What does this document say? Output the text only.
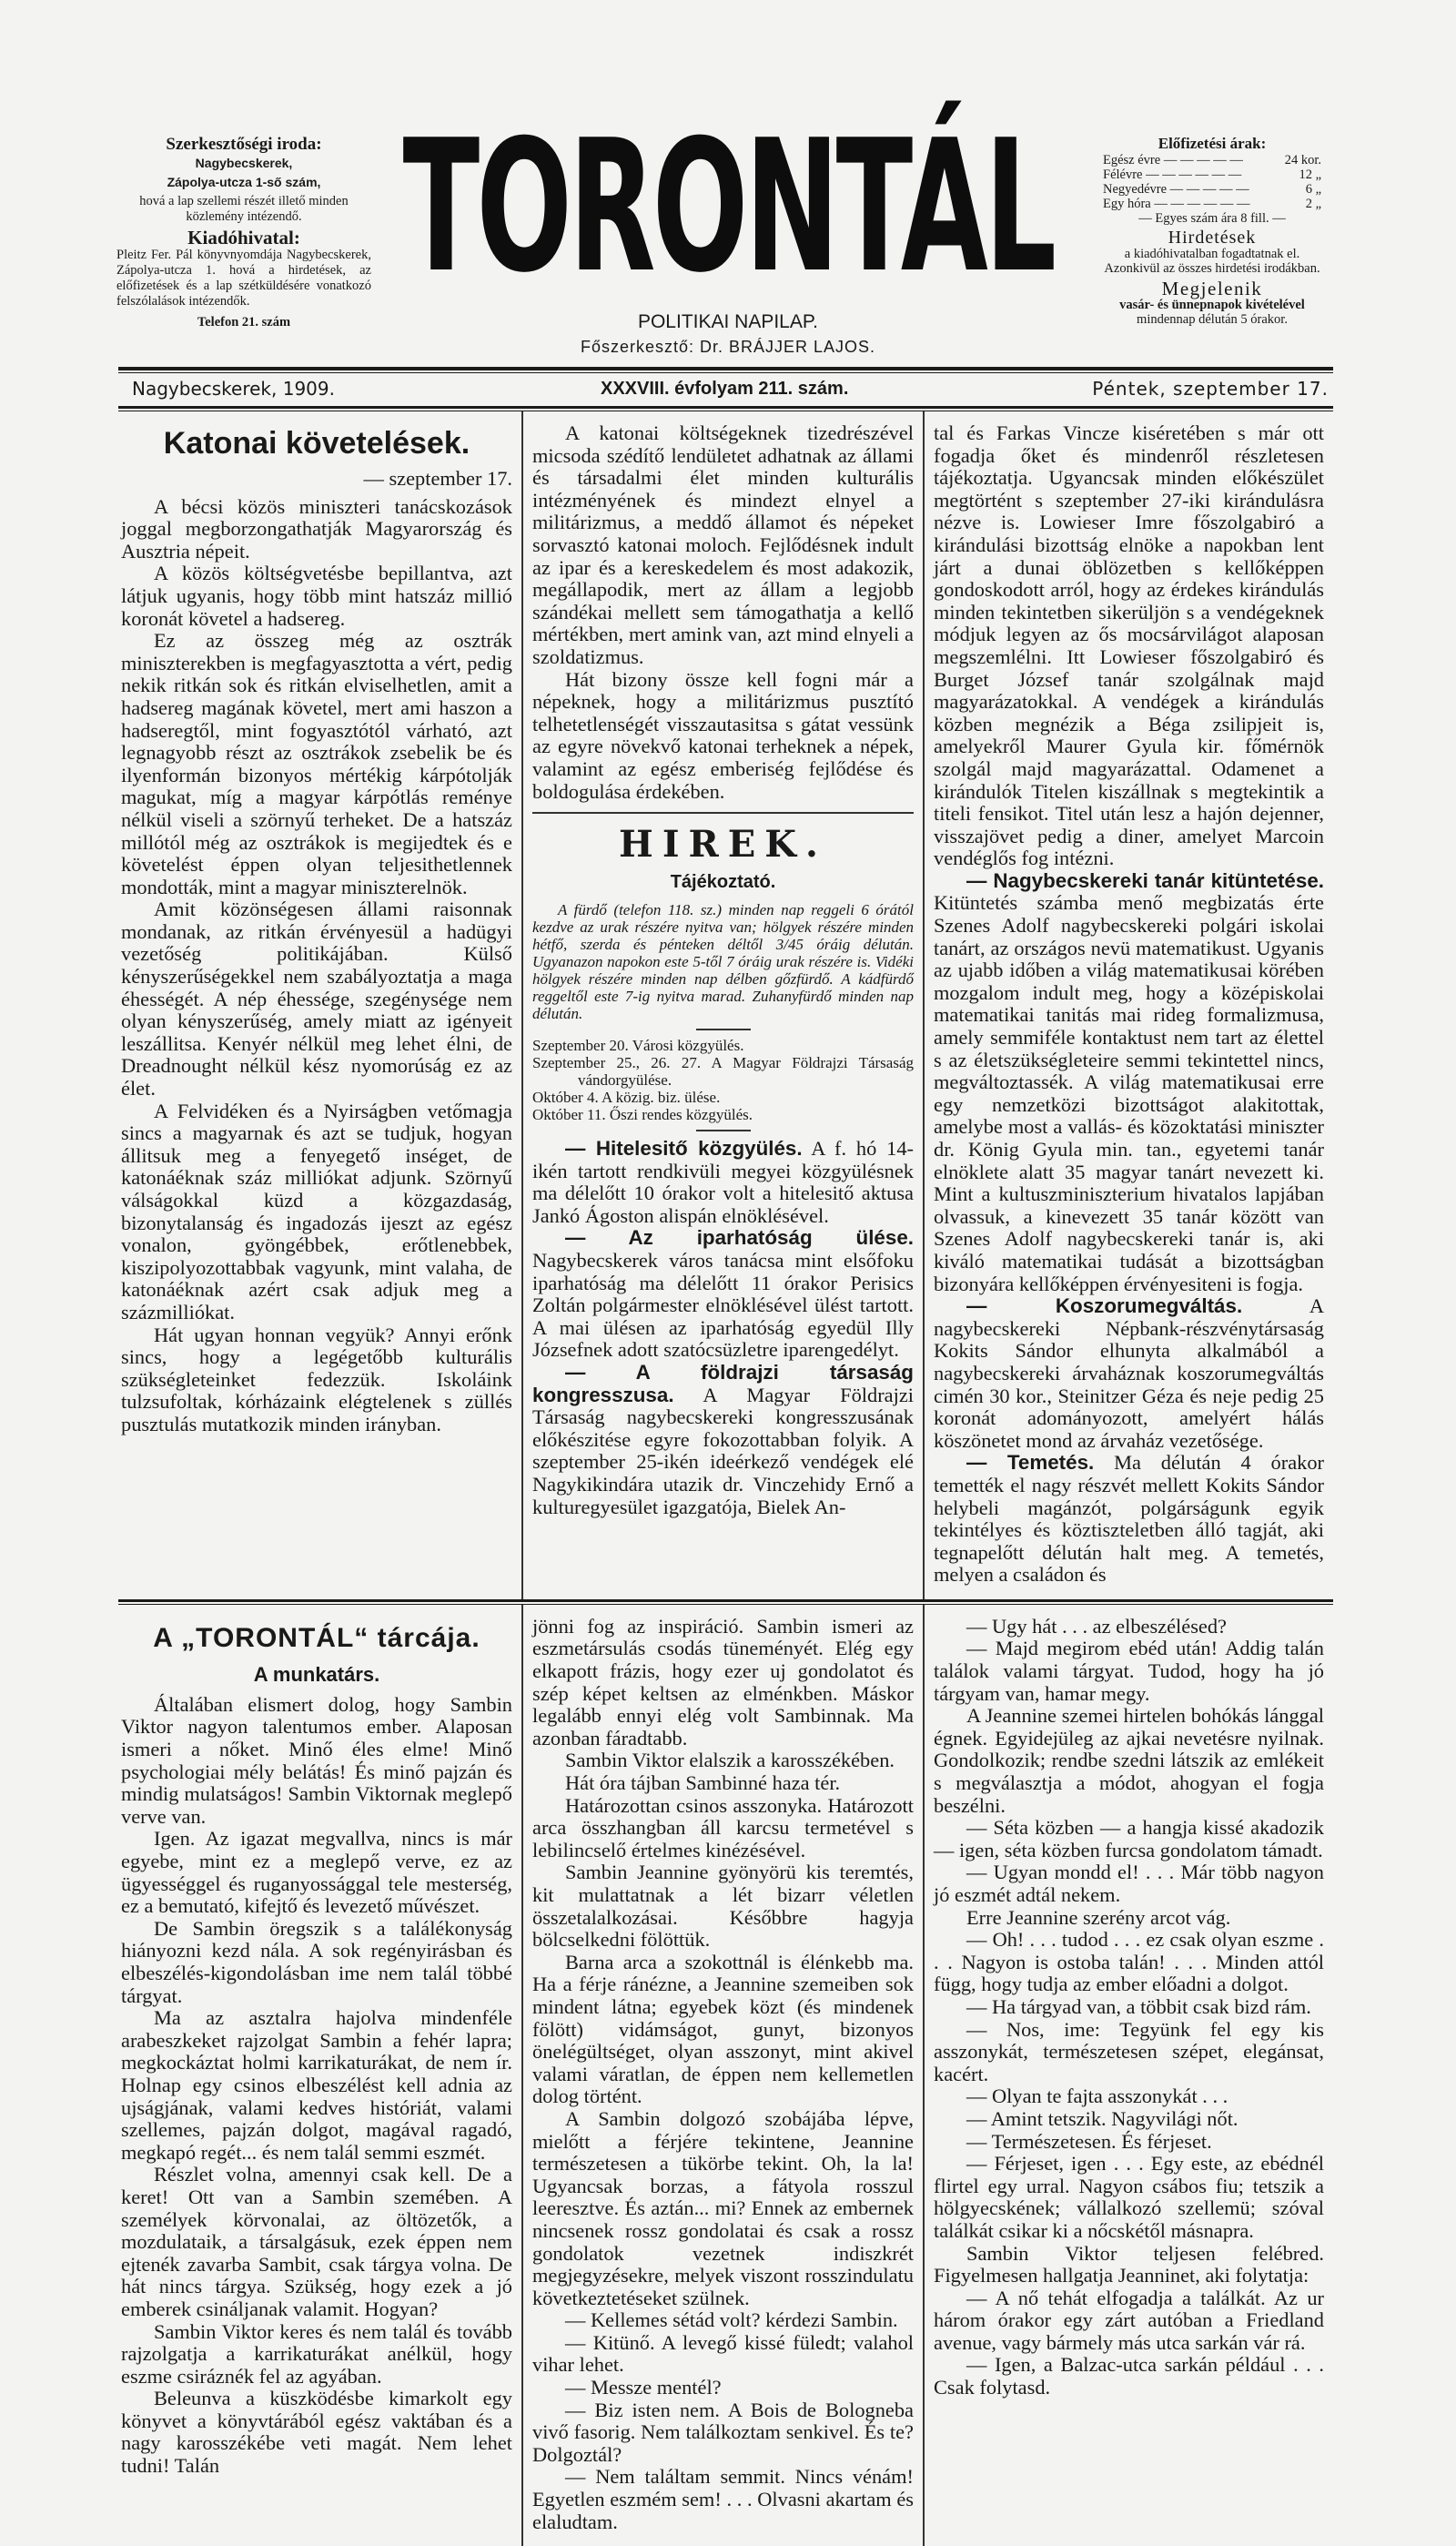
Szerkesztőségi iroda:
Nagybecskerek,
Zápolya-utcza 1-ső szám,
hová a lap szellemi részét illető minden közlemény intézendő.
Kiadóhivatal:
Pleitz Fer. Pál könyvnyomdája Nagybecskerek, Zápolya-utcza 1. hová a hirdetések, az előfizetések és a lap szétküldésére vonatkozó felszólalások intézendők.
Telefon 21. szám
TORONTÁL
POLITIKAI NAPILAP.
Főszerkesztő: Dr. BRÁJJER LAJOS.
Előfizetési árak:
Egész évre — — — — —	24 kor.
Félévre — — — — — —	12 „
Negyedévre — — — — —	6 „
Egy hóra — — — — — —	2 „
— Egyes szám ára 8 fill. —
Hirdetések
a kiadóhivatalban fogadtatnak el. Azonkivül az összes hirdetési irodákban.
Megjelenik
vasár- és ünnepnapok kivételével
mindennap délután 5 órakor.
Nagybecskerek, 1909.	XXXVIII. évfolyam 211. szám.	Péntek, szeptember 17.
Katonai követelések.
— szeptember 17.

A bécsi közös miniszteri tanácskozások joggal megborzongathatják Magyarország és Ausztria népeit.

A közös költségvetésbe bepillantva, azt látjuk ugyanis, hogy több mint hatszáz millió koronát követel a hadsereg.

Ez az összeg még az osztrák miniszterekben is megfagyasztotta a vért, pedig nekik ritkán sok és ritkán elviselhetlen, amit a hadsereg magának követel, mert ami haszon a hadseregtől, mint fogyasztótól várható, azt legnagyobb részt az osztrákok zsebelik be és ilyenformán bizonyos mértékig kárpótolják magukat, míg a magyar kárpótlás reménye nélkül viseli a szörnyű terheket. De a hatszáz millótól még az osztrákok is megijedtek és e követelést éppen olyan teljesithetlennek mondották, mint a magyar miniszterelnök.

Amit közönségesen állami raisonnak mondanak, az ritkán érvényesül a hadügyi vezetőség politikájában. Külső kényszerűségekkel nem szabályoztatja a maga éhességét. A nép éhessége, szegénysége nem olyan kényszerűség, amely miatt az igényeit leszállitsa. Kenyér nélkül meg lehet élni, de Dreadnought nélkül kész nyomorúság ez az élet.

A Felvidéken és a Nyirságben vetőmagja sincs a magyarnak és azt se tudjuk, hogyan állitsuk meg a fenyegető inséget, de katonáéknak száz milliókat adjunk. Szörnyű válságokkal küzd a közgazdaság, bizonytalanság és ingadozás ijeszt az egész vonalon, gyöngébbek, erőtlenebbek, kiszipolyozottabbak vagyunk, mint valaha, de katonáéknak azért csak adjuk meg a százmilliókat.

Hát ugyan honnan vegyük? Annyi erőnk sincs, hogy a legégetőbb kulturális szükségleteinket fedezzük. Iskoláink tulzsufoltak, kórházaink elégtelenek s züllés pusztulás mutatkozik minden irányban.

A katonai költségeknek tizedrészével micsoda szédítő lendületet adhatnak az állami és társadalmi élet minden kulturális intézményének és mindezt elnyel a militárizmus, a meddő államot és népeket sorvasztó katonai moloch. Fejlődésnek indult az ipar és a kereskedelem és most adakozik, megállapodik, mert az állam a legjobb szándékai mellett sem támogathatja a kellő mértékben, mert amink van, azt mind elnyeli a szoldatizmus.

Hát bizony össze kell fogni már a népeknek, hogy a militárizmus pusztító telhetetlenségét visszautasitsa s gátat vessünk az egyre növekvő katonai terheknek a népek, valamint az egész emberiség fejlődése és boldogulása érdekében.

HIREK.
Tájékoztató.

A fürdő (telefon 118. sz.) minden nap reggeli 6 órától kezdve az urak részére nyitva van; hölgyek részére minden hétfő, szerda és pénteken déltől 3/45 óráig délután. Ugyanazon napokon este 5-től 7 óráig urak részére is. Vidéki hölgyek részére minden nap délben gőzfürdő. A kádfürdő reggeltől este 7-ig nyitva marad. Zuhanyfürdő minden nap délután.

Szeptember 20. Városi közgyülés.

Szeptember 25., 26. 27. A Magyar Földrajzi Társaság vándorgyülése.

Október 4. A közig. biz. ülése.

Október 11. Őszi rendes közgyülés.

— Hitelesitő közgyülés. A f. hó 14-ikén tartott rendkivüli megyei közgyülésnek ma délelőtt 10 órakor volt a hitelesitő aktusa Jankó Ágoston alispán elnöklésével.

— Az iparhatóság ülése. Nagybecskerek város tanácsa mint elsőfoku iparhatóság ma délelőtt 11 órakor Perisics Zoltán polgármester elnöklésével ülést tartott. A mai ülésen az iparhatóság egyedül Illy Józsefnek adott szatócsüzletre iparengedélyt.

— A földrajzi társaság kongresszusa. A Magyar Földrajzi Társaság nagybecskereki kongresszusának előkészitése egyre fokozottabban folyik. A szeptember 25-ikén ideérkező vendégek elé Nagykikindára utazik dr. Vinczehidy Ernő a kulturegyesület igazgatója, Bielek An-

tal és Farkas Vincze kiséretében s már ott fogadja őket és mindenről részletesen tájékoztatja. Ugyancsak minden előkészület megtörtént s szeptember 27-iki kirándulásra nézve is. Lowieser Imre főszolgabiró a kirándulási bizottság elnöke a napokban lent járt a dunai öblözetben s kellőképpen gondoskodott arról, hogy az érdekes kirándulás minden tekintetben sikerüljön s a vendégeknek módjuk legyen az ős mocsárvilágot alaposan megszemlélni. Itt Lowieser főszolgabiró és Burget József tanár szolgálnak majd magyarázatokkal. A vendégek a kirándulás közben megnézik a Béga zsilipjeit is, amelyekről Maurer Gyula kir. főmérnök szolgál majd magyarázattal. Odamenet a kirándulók Titelen kiszállnak s megtekintik a titeli fensikot. Titel után lesz a hajón dejenner, visszajövet pedig a diner, amelyet Marcoin vendéglős fog intézni.

— Nagybecskereki tanár kitüntetése. Kitüntetés számba menő megbizatás érte Szenes Adolf nagybecskereki polgári iskolai tanárt, az országos nevü matematikust. Ugyanis az ujabb időben a világ matematikusai körében mozgalom indult meg, hogy a középiskolai matematikai tanitás mai rideg formalizmusa, amely semmiféle kontaktust nem tart az élettel s az életszükségleteire semmi tekintettel nincs, megváltoztassék. A világ matematikusai erre egy nemzetközi bizottságot alakitottak, amelybe most a vallás- és közoktatási miniszter dr. König Gyula min. tan., egyetemi tanár elnöklete alatt 35 magyar tanárt nevezett ki. Mint a kultuszminiszterium hivatalos lapjában olvassuk, a kinevezett 35 tanár között van Szenes Adolf nagybecskereki tanár is, aki kiváló matematikai tudását a bizottságban bizonyára kellőképpen érvényesiteni is fogja.

— Koszorumegváltás. A nagybecskereki Népbank-részvénytársaság Kokits Sándor elhunyta alkalmából a nagybecskereki árvaháznak koszorumegváltás cimén 30 kor., Steinitzer Géza és neje pedig 25 koronát adományozott, amelyért hálás köszönetet mond az árvaház vezetősége.

— Temetés. Ma délután 4 órakor temették el nagy részvét mellett Kokits Sándor helybeli magánzót, polgárságunk egyik tekintélyes és köztiszteletben álló tagját, aki tegnapelőtt délután halt meg. A temetés, melyen a családon és

A „TORONTÁL“ tárcája.
A munkatárs.

Általában elismert dolog, hogy Sambin Viktor nagyon talentumos ember. Alaposan ismeri a nőket. Minő éles elme! Minő psychologiai mély belátás! És minő pajzán és mindig mulatságos! Sambin Viktornak meglepő verve van.

Igen. Az igazat megvallva, nincs is már egyebe, mint ez a meglepő verve, ez az ügyességgel és ruganyossággal tele mesterség, ez a bemutató, kifejtő és levezető művészet.

De Sambin öregszik s a találékonyság hiányozni kezd nála. A sok regényirásban és elbeszélés-kigondolásban ime nem talál többé tárgyat.

Ma az asztalra hajolva mindenféle arabeszkeket rajzolgat Sambin a fehér lapra; megkockáztat holmi karrikaturákat, de nem ír. Holnap egy csinos elbeszélést kell adnia az ujságjának, valami kedves históriát, valami szellemes, pajzán dolgot, magával ragadó, megkapó regét... és nem talál semmi eszmét.

Részlet volna, amennyi csak kell. De a keret! Ott van a Sambin szemében. A személyek körvonalai, az öltözetők, a mozdulataik, a társalgásuk, ezek éppen nem ejtenék zavarba Sambit, csak tárgya volna. De hát nincs tárgya. Szükség, hogy ezek a jó emberek csináljanak valamit. Hogyan?

Sambin Viktor keres és nem talál és tovább rajzolgatja a karrikaturákat anélkül, hogy eszme csiráznék fel az agyában.

Beleunva a küszködésbe kimarkolt egy könyvet a könyvtárából egész vaktában és a nagy karosszékébe veti magát. Nem lehet tudni! Talán

jönni fog az inspiráció. Sambin ismeri az eszmetársulás csodás tüneményét. Elég egy elkapott frázis, hogy ezer uj gondolatot és szép képet keltsen az elménkben. Máskor legalább ennyi elég volt Sambinnak. Ma azonban fáradtabb.

Sambin Viktor elalszik a karosszékében.

Hát óra tájban Sambinné haza tér.

Határozottan csinos asszonyka. Határozott arca összhangban áll karcsu termetével s lebilincselő értelmes kinézésével.

Sambin Jeannine gyönyörü kis teremtés, kit mulattatnak a lét bizarr véletlen összetalalkozásai. Későbbre hagyja bölcselkedni fölöttük.

Barna arca a szokottnál is élénkebb ma. Ha a férje ránézne, a Jeannine szemeiben sok mindent látna; egyebek közt (és mindenek fölött) vidámságot, gunyt, bizonyos önelégültséget, olyan asszonyt, mint akivel valami váratlan, de éppen nem kellemetlen dolog történt.

A Sambin dolgozó szobájába lépve, mielőtt a férjére tekintene, Jeannine természetesen a tükörbe tekint. Oh, la la! Ugyancsak borzas, a fátyola rosszul leeresztve. És aztán... mi? Ennek az embernek nincsenek rossz gondolatai és csak a rossz gondolatok vezetnek indiszkrét megjegyzésekre, melyek viszont rosszindulatu következtetéseket szülnek.

— Kellemes sétád volt? kérdezi Sambin.

— Kitünő. A levegő kissé füledt; valahol vihar lehet.

— Messze mentél?

— Biz isten nem. A Bois de Bologneba vivő fasorig. Nem találkoztam senkivel. És te? Dolgoztál?

— Nem találtam semmit. Nincs vénám! Egyetlen eszmém sem! . . . Olvasni akartam és elaludtam.

— Ugy hát . . . az elbeszélésed?

— Majd megirom ebéd után! Addig talán találok valami tárgyat. Tudod, hogy ha jó tárgyam van, hamar megy.

A Jeannine szemei hirtelen bohókás lánggal égnek. Egyidejüleg az ajkai nevetésre nyilnak. Gondolkozik; rendbe szedni látszik az emlékeit s megválasztja a módot, ahogyan el fogja beszélni.

— Séta közben — a hangja kissé akadozik — igen, séta közben furcsa gondolatom támadt.

— Ugyan mondd el! . . . Már több nagyon jó eszmét adtál nekem.

Erre Jeannine szerény arcot vág.

— Oh! . . . tudod . . . ez csak olyan eszme . . . Nagyon is ostoba talán! . . . Minden attól függ, hogy tudja az ember előadni a dolgot.

— Ha tárgyad van, a többit csak bizd rám.

— Nos, ime: Tegyünk fel egy kis asszonykát, természetesen szépet, elegánsat, kacért.

— Olyan te fajta asszonykát . . .

— Amint tetszik. Nagyvilági nőt.

— Természetesen. És férjeset.

— Férjeset, igen . . . Egy este, az ebédnél flirtel egy urral. Nagyon csábos fiu; tetszik a hölgyecskének; vállalkozó szellemü; szóval találkát csikar ki a nőcskétől másnapra.

Sambin Viktor teljesen felébred. Figyelmesen hallgatja Jeanninet, aki folytatja:

— A nő tehát elfogadja a találkát. Az ur három órakor egy zárt autóban a Friedland avenue, vagy bármely más utca sarkán vár rá.

— Igen, a Balzac-utca sarkán például . . . Csak folytasd.
